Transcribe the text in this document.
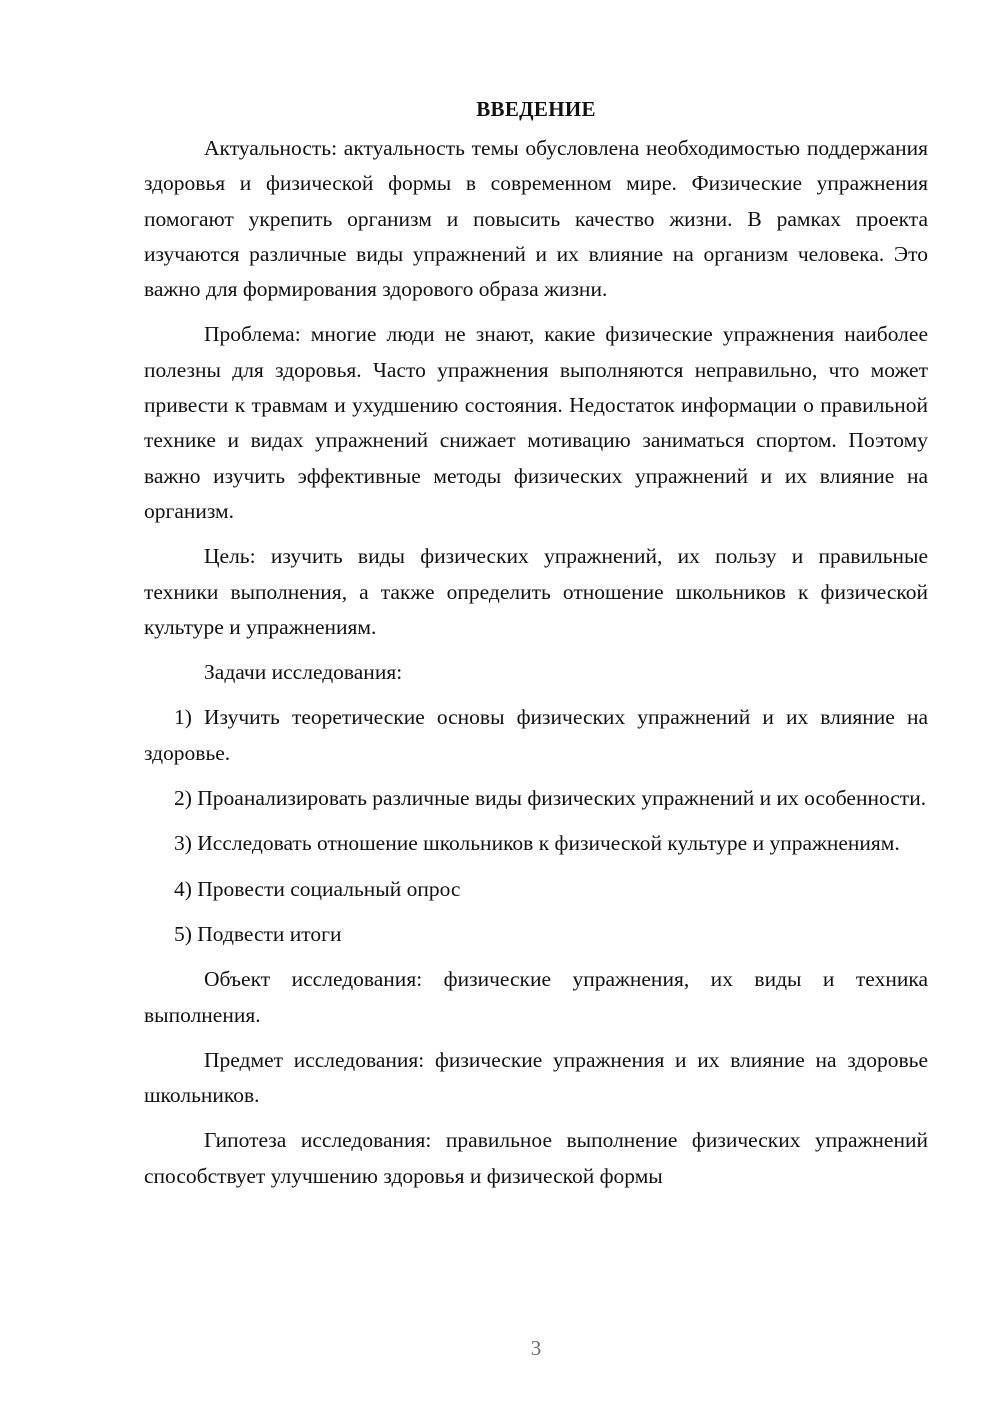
ВВЕДЕНИЕ

Актуальность: актуальность темы обусловлена необходимостью поддержания здоровья и физической формы в современном мире. Физические упражнения помогают укрепить организм и повысить качество жизни. В рамках проекта изучаются различные виды упражнений и их влияние на организм человека. Это важно для формирования здорового образа жизни.

Проблема: многие люди не знают, какие физические упражнения наиболее полезны для здоровья. Часто упражнения выполняются неправильно, что может привести к травмам и ухудшению состояния. Недостаток информации о правильной технике и видах упражнений снижает мотивацию заниматься спортом. Поэтому важно изучить эффективные методы физических упражнений и их влияние на организм.

Цель: изучить виды физических упражнений, их пользу и правильные техники выполнения, а также определить отношение школьников к физической культуре и упражнениям.

Задачи исследования:

1) Изучить теоретические основы физических упражнений и их влияние на здоровье.

2) Проанализировать различные виды физических упражнений и их особенности.

3) Исследовать отношение школьников к физической культуре и упражнениям.

4) Провести социальный опрос

5) Подвести итоги

Объект исследования: физические упражнения, их виды и техника выполнения.

Предмет исследования: физические упражнения и их влияние на здоровье школьников.

Гипотеза исследования: правильное выполнение физических упражнений способствует улучшению здоровья и физической формы

3
